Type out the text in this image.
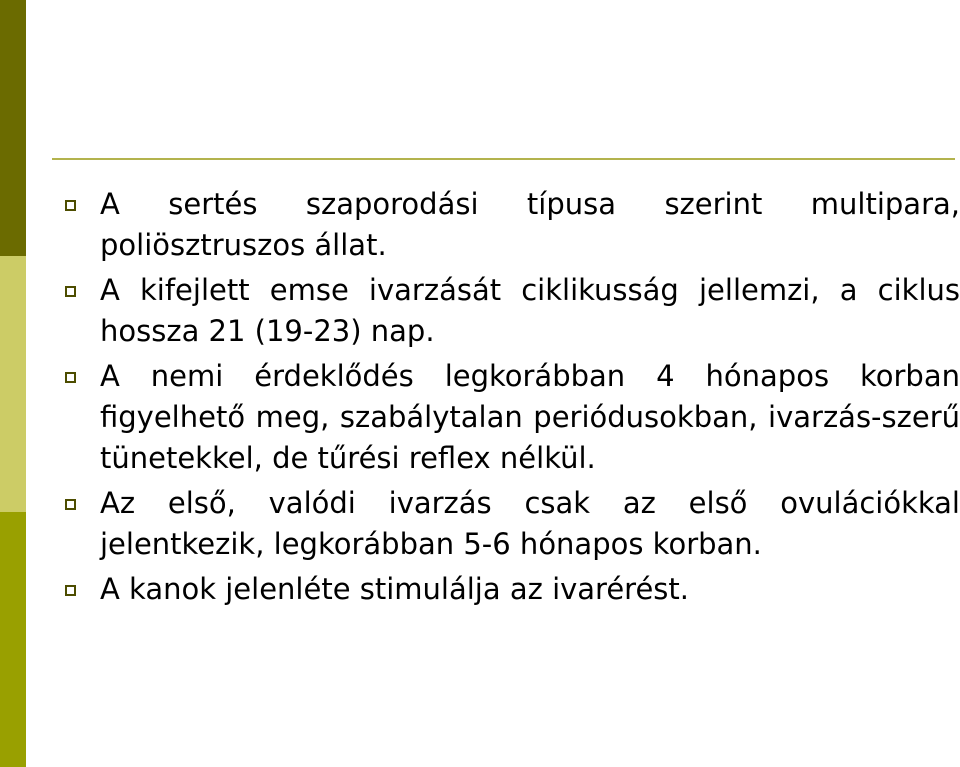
A sertés szaporodási típusa szerint multipara, poliösztruszos állat.
A kifejlett emse ivarzását ciklikusság jellemzi, a ciklus hossza 21 (19-23) nap.
A nemi érdeklődés legkorábban 4 hónapos korban figyelhető meg, szabálytalan periódusokban, ivarzás-szerű tünetekkel, de tűrési reflex nélkül.
Az első, valódi ivarzás csak az első ovulációkkal jelentkezik, legkorábban 5-6 hónapos korban.
A kanok jelenléte stimulálja az ivarérést.
